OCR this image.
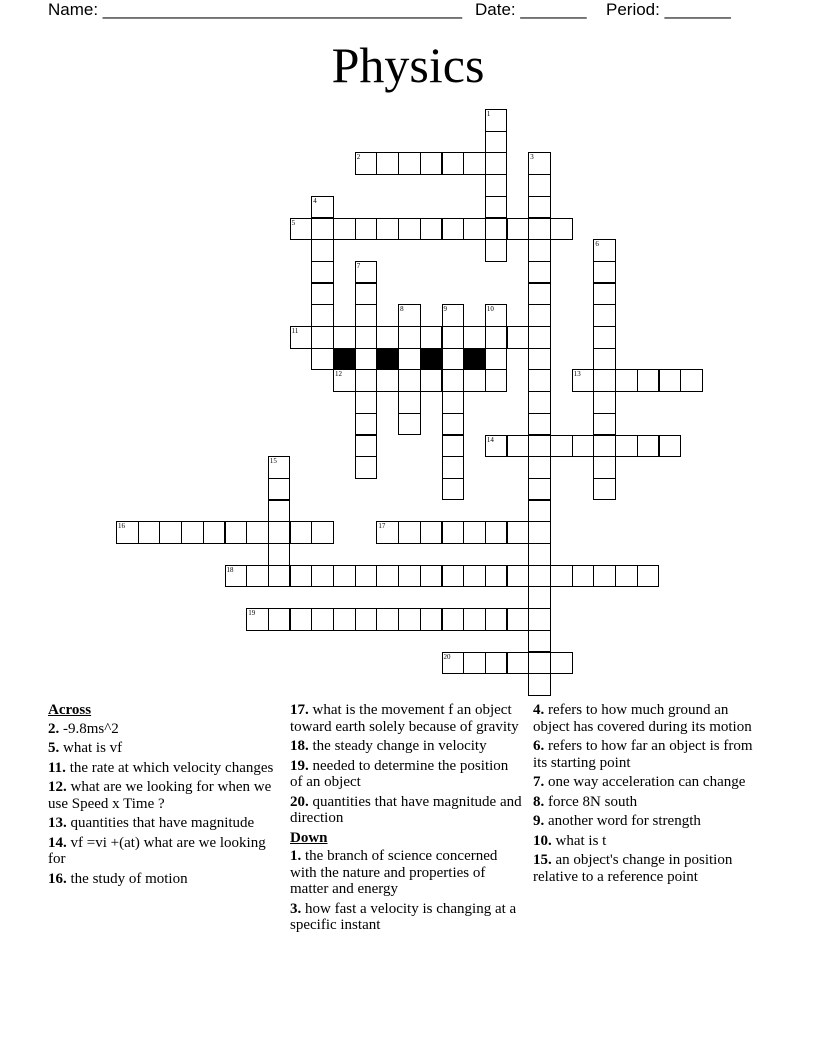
Name: ______________________________________ Date: _______ Period: _______
Physics
1
2	3
4
5
6
7
8	9	10
11
12	13
14
15
16	17
18
19
20
Across
2. -9.8ms^2
5. what is vf
11. the rate at which velocity changes
12. what are we looking for when we use Speed x Time ?
13. quantities that have magnitude
14. vf =vi +(at) what are we looking for
16. the study of motion
17. what is the movement f an object toward earth solely because of gravity
18. the steady change in velocity
19. needed to determine the position of an object
20. quantities that have magnitude and direction
Down
1. the branch of science concerned with the nature and properties of matter and energy
3. how fast a velocity is changing at a specific instant
4. refers to how much ground an object has covered during its motion
6. refers to how far an object is from its starting point
7. one way acceleration can change
8. force 8N south
9. another word for strength
10. what is t
15. an object's change in position relative to a reference point
